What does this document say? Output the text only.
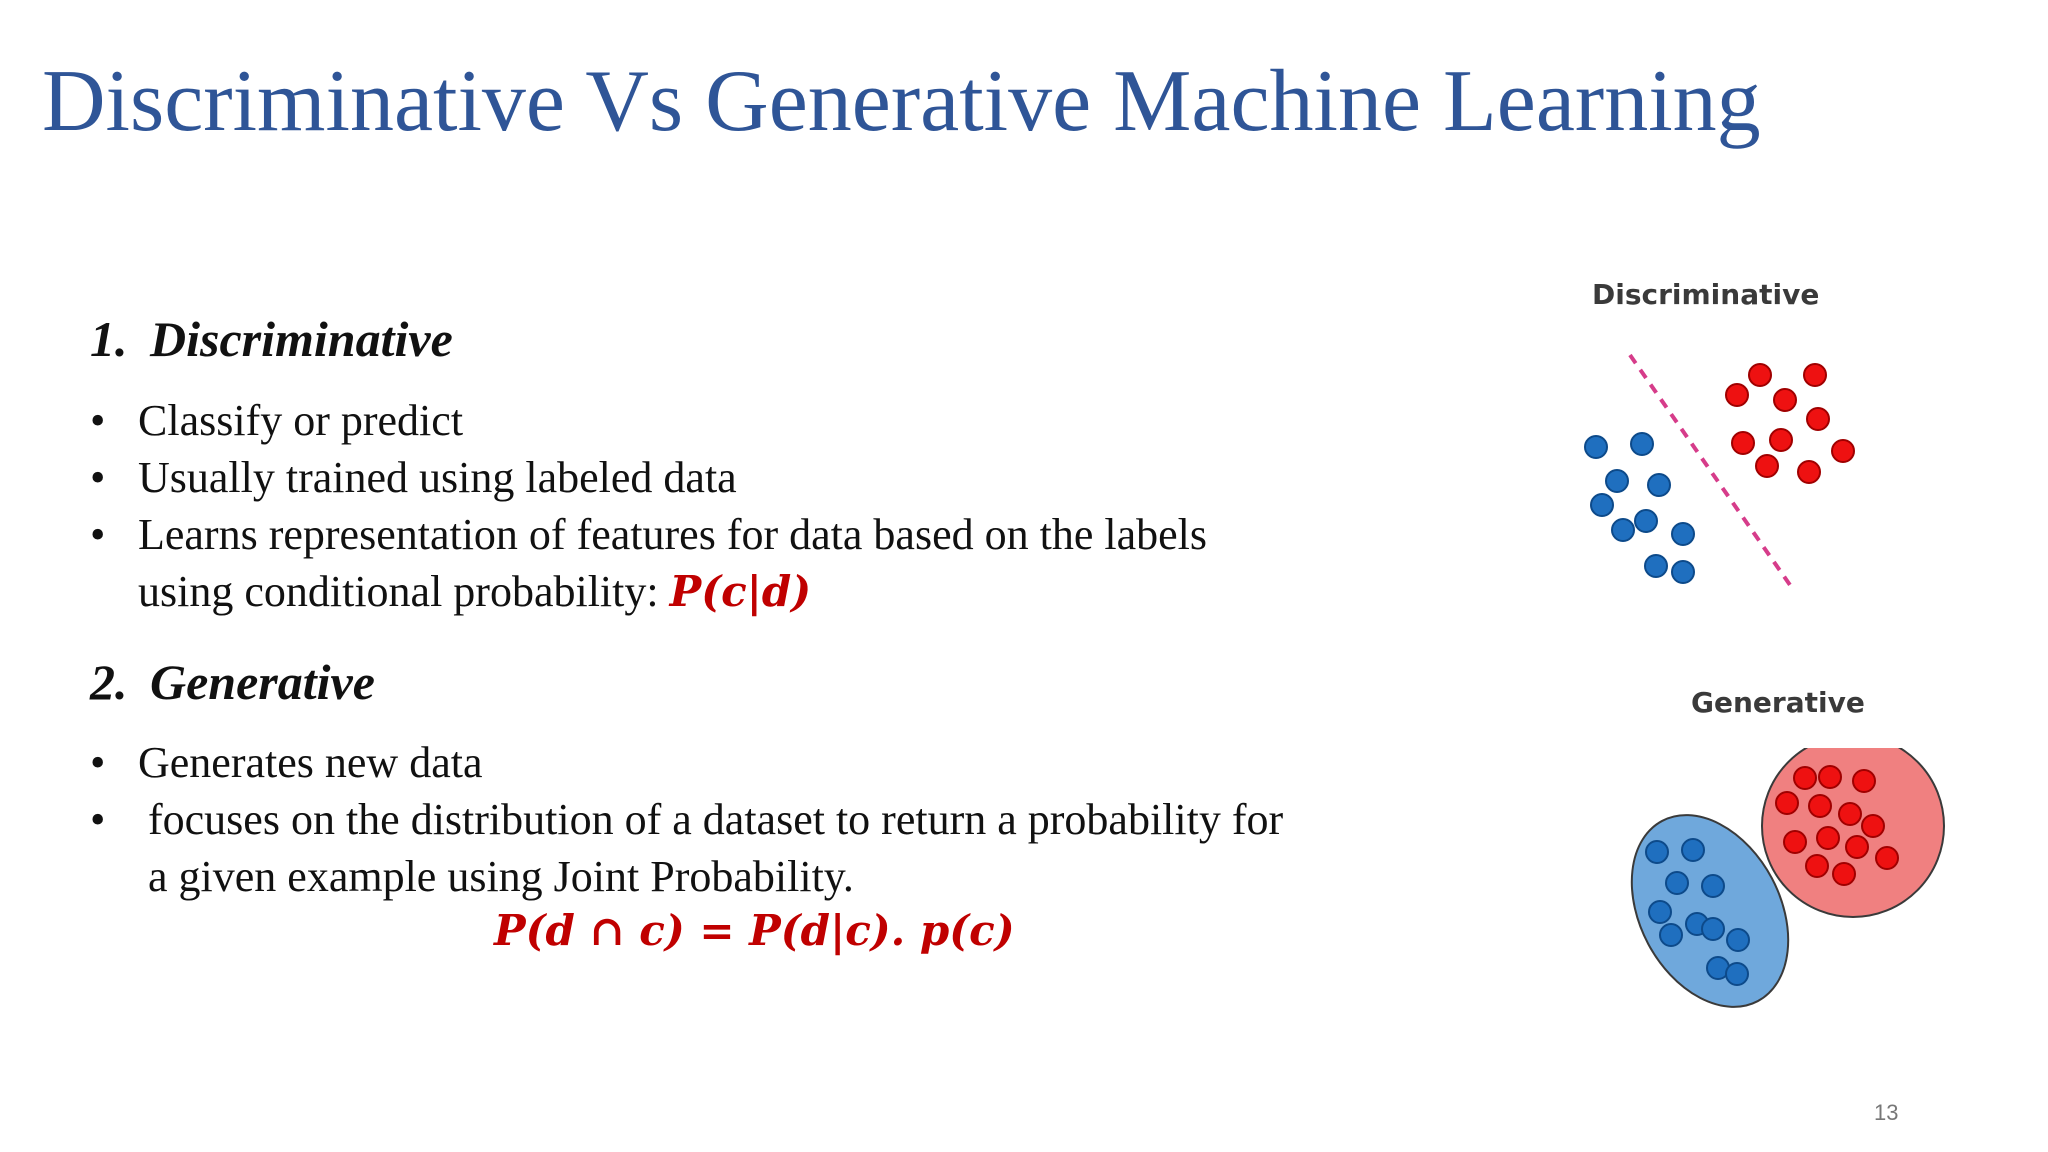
Discriminative Vs Generative Machine Learning
1. Discriminative
• Classify or predict
• Usually trained using labeled data
• Learns representation of features for data based on the labels
using conditional probability: P(c|d)
2. Generative
• Generates new data
• focuses on the distribution of a dataset to return a probability for
a given example using Joint Probability.
P(d ∩ c) = P(d|c). p(c)
Discriminative
Generative
13
